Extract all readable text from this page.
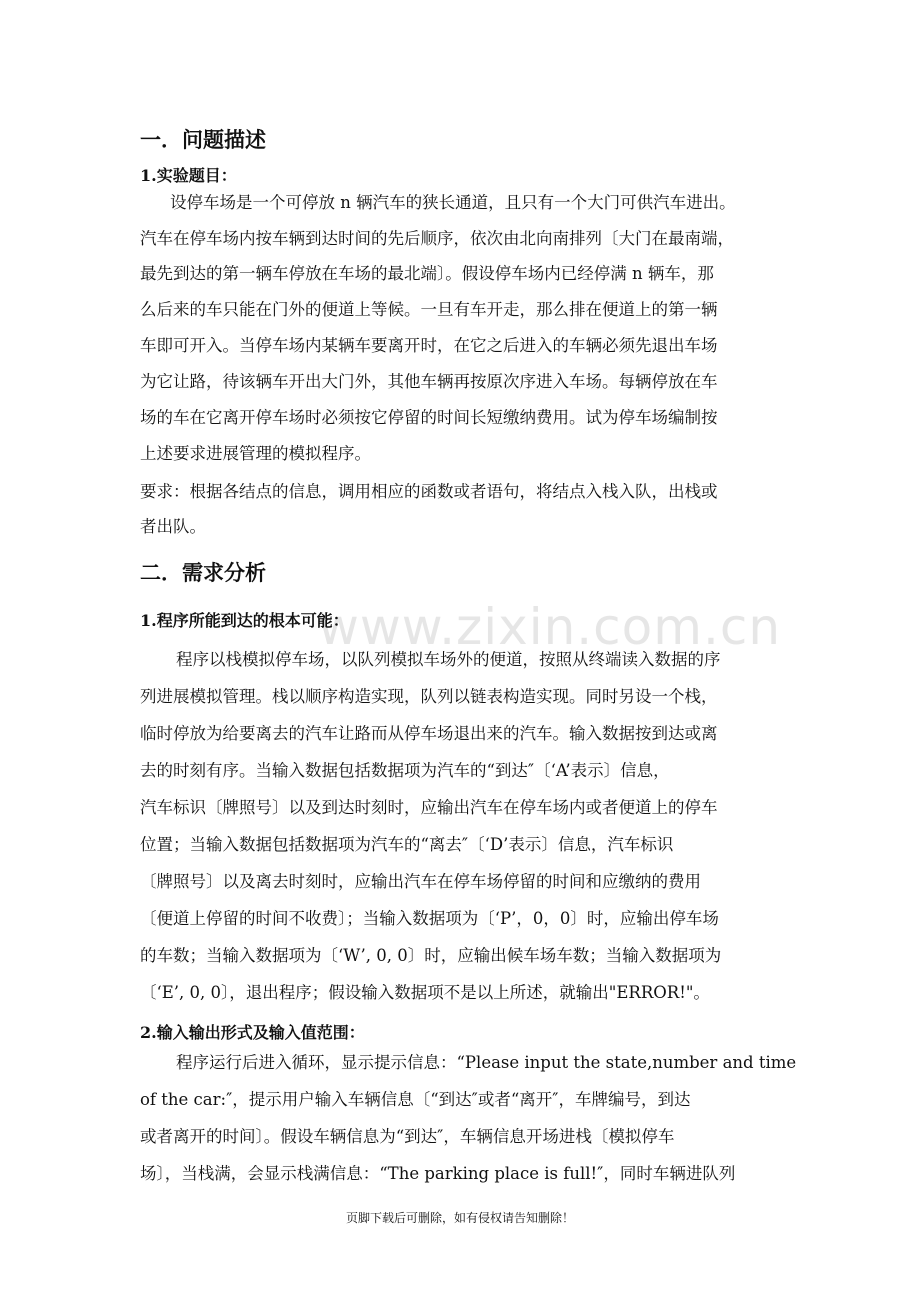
www.zixin.com.cn
一．问题描述
1.实验题目：
设停车场是一个可停放 n 辆汽车的狭长通道，且只有一个大门可供汽车进出。
汽车在停车场内按车辆到达时间的先后顺序，依次由北向南排列〔大门在最南端，
最先到达的第一辆车停放在车场的最北端〕。假设停车场内已经停满 n 辆车，那
么后来的车只能在门外的便道上等候。一旦有车开走，那么排在便道上的第一辆
车即可开入。当停车场内某辆车要离开时，在它之后进入的车辆必须先退出车场
为它让路，待该辆车开出大门外，其他车辆再按原次序进入车场。每辆停放在车
场的车在它离开停车场时必须按它停留的时间长短缴纳费用。试为停车场编制按
上述要求进展管理的模拟程序。
要求：根据各结点的信息，调用相应的函数或者语句，将结点入栈入队，出栈或
者出队。
二．需求分析
1.程序所能到达的根本可能：
程序以栈模拟停车场，以队列模拟车场外的便道，按照从终端读入数据的序
列进展模拟管理。栈以顺序构造实现，队列以链表构造实现。同时另设一个栈，
临时停放为给要离去的汽车让路而从停车场退出来的汽车。输入数据按到达或离
去的时刻有序。当输入数据包括数据项为汽车的“到达″〔‘A’表示〕信息，
汽车标识〔牌照号〕以及到达时刻时，应输出汽车在停车场内或者便道上的停车
位置；当输入数据包括数据项为汽车的“离去″〔‘D’表示〕信息，汽车标识
〔牌照号〕以及离去时刻时，应输出汽车在停车场停留的时间和应缴纳的费用
〔便道上停留的时间不收费〕；当输入数据项为〔‘P’，0，0〕时，应输出停车场
的车数；当输入数据项为〔‘W’, 0, 0〕时，应输出候车场车数；当输入数据项为
〔‘E’, 0, 0〕，退出程序；假设输入数据项不是以上所述，就输出"ERROR!"。
2.输入输出形式及输入值范围：
程序运行后进入循环，显示提示信息：“Please input the state,number and time
of the car:″，提示用户输入车辆信息〔“到达″或者“离开″，车牌编号，到达
或者离开的时间〕。假设车辆信息为“到达″，车辆信息开场进栈〔模拟停车
场〕，当栈满，会显示栈满信息：“The parking place is full!″，同时车辆进队列
页脚下载后可删除，如有侵权请告知删除！
